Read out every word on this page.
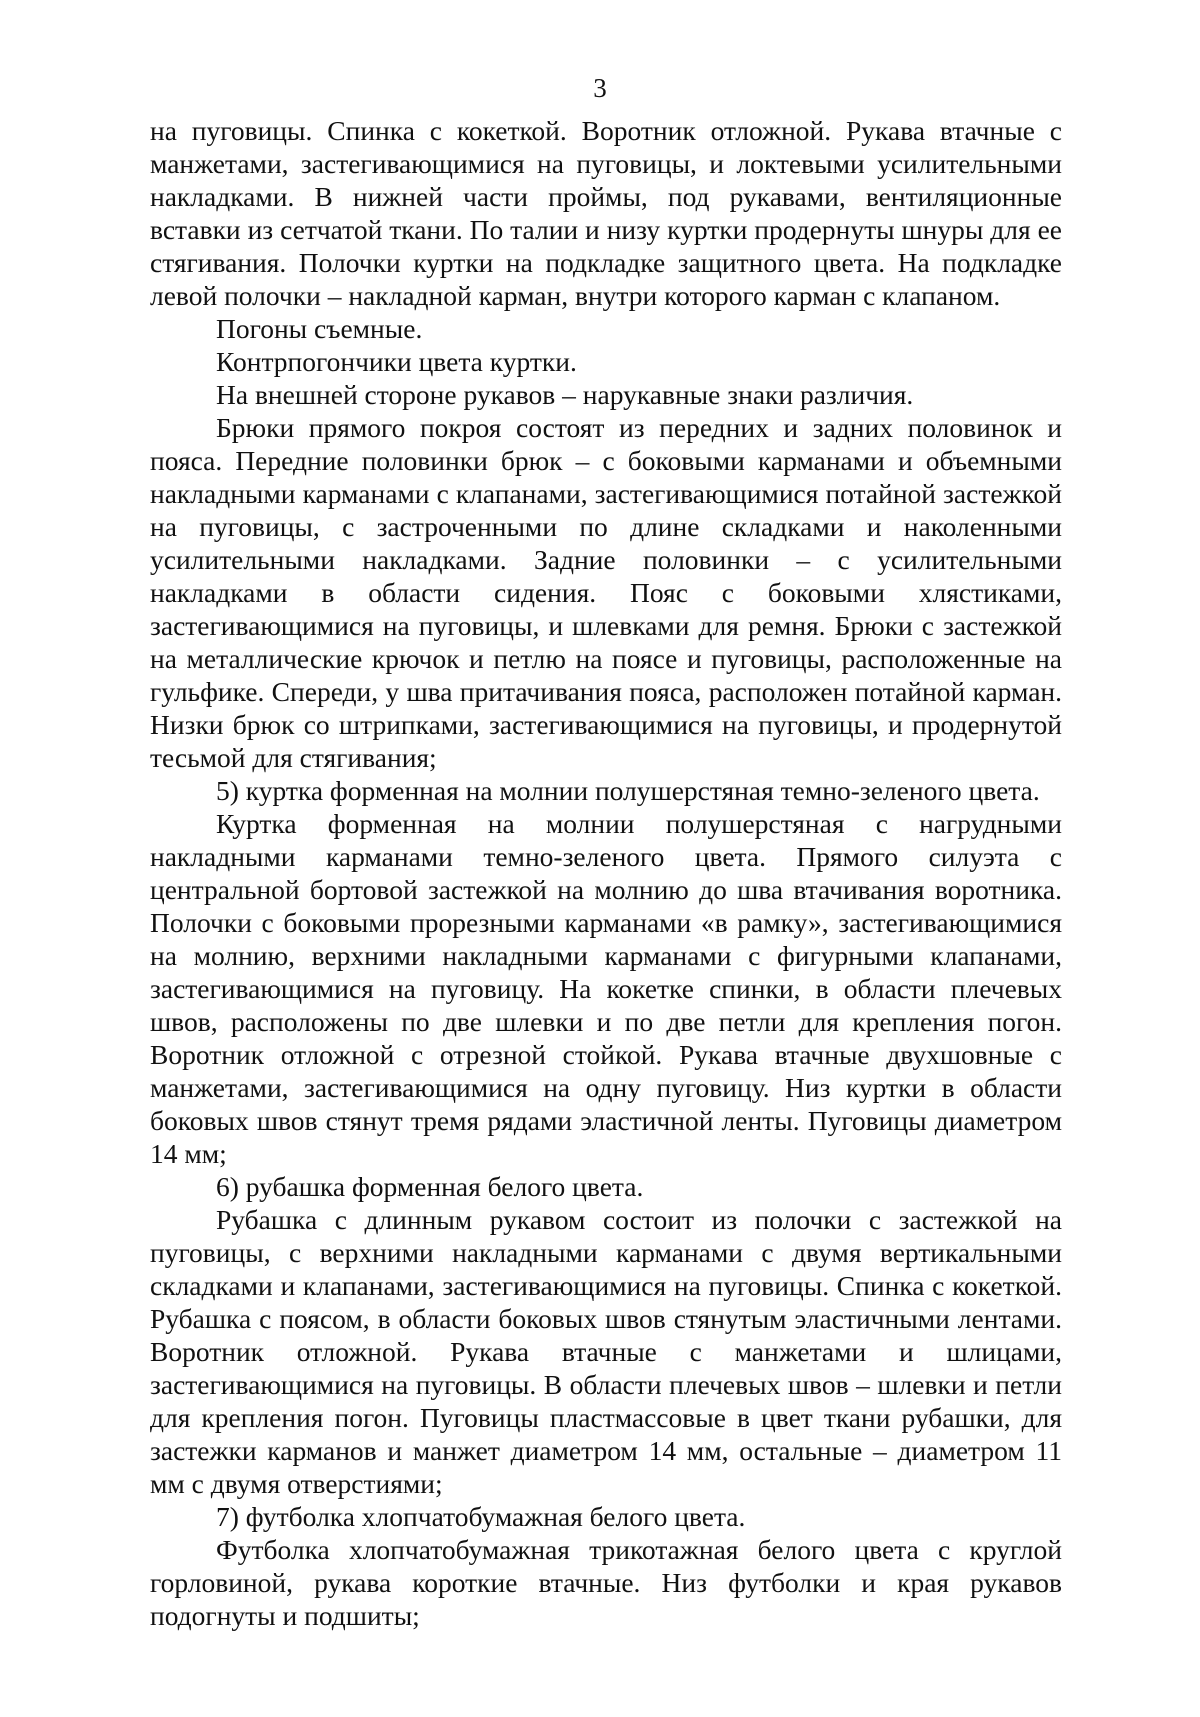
3

на пуговицы. Спинка с кокеткой. Воротник отложной. Рукава втачные с манжетами, застегивающимися на пуговицы, и локтевыми усилительными накладками. В нижней части проймы, под рукавами, вентиляционные вставки из сетчатой ткани. По талии и низу куртки продернуты шнуры для ее стягивания. Полочки куртки на подкладке защитного цвета. На подкладке левой полочки – накладной карман, внутри которого карман с клапаном.

Погоны съемные.

Контрпогончики цвета куртки.

На внешней стороне рукавов – нарукавные знаки различия.

Брюки прямого покроя состоят из передних и задних половинок и пояса. Передние половинки брюк – с боковыми карманами и объемными накладными карманами с клапанами, застегивающимися потайной застежкой на пуговицы, с застроченными по длине складками и наколенными усилительными накладками. Задние половинки – с усилительными накладками в области сидения. Пояс с боковыми хлястиками, застегивающимися на пуговицы, и шлевками для ремня. Брюки с застежкой на металлические крючок и петлю на поясе и пуговицы, расположенные на гульфике. Спереди, у шва притачивания пояса, расположен потайной карман. Низки брюк со штрипками, застегивающимися на пуговицы, и продернутой тесьмой для стягивания;

5) куртка форменная на молнии полушерстяная темно-зеленого цвета.

Куртка форменная на молнии полушерстяная с нагрудными накладными карманами темно-зеленого цвета. Прямого силуэта с центральной бортовой застежкой на молнию до шва втачивания воротника. Полочки с боковыми прорезными карманами «в рамку», застегивающимися на молнию, верхними накладными карманами с фигурными клапанами, застегивающимися на пуговицу. На кокетке спинки, в области плечевых швов, расположены по две шлевки и по две петли для крепления погон. Воротник отложной с отрезной стойкой. Рукава втачные двухшовные с манжетами, застегивающимися на одну пуговицу. Низ куртки в области боковых швов стянут тремя рядами эластичной ленты. Пуговицы диаметром 14 мм;

6) рубашка форменная белого цвета.

Рубашка с длинным рукавом состоит из полочки с застежкой на пуговицы, с верхними накладными карманами с двумя вертикальными складками и клапанами, застегивающимися на пуговицы. Спинка с кокеткой. Рубашка с поясом, в области боковых швов стянутым эластичными лентами. Воротник отложной. Рукава втачные с манжетами и шлицами, застегивающимися на пуговицы. В области плечевых швов – шлевки и петли для крепления погон. Пуговицы пластмассовые в цвет ткани рубашки, для застежки карманов и манжет диаметром 14 мм, остальные – диаметром 11 мм с двумя отверстиями;

7) футболка хлопчатобумажная белого цвета.

Футболка хлопчатобумажная трикотажная белого цвета с круглой горловиной, рукава короткие втачные. Низ футболки и края рукавов подогнуты и подшиты;
